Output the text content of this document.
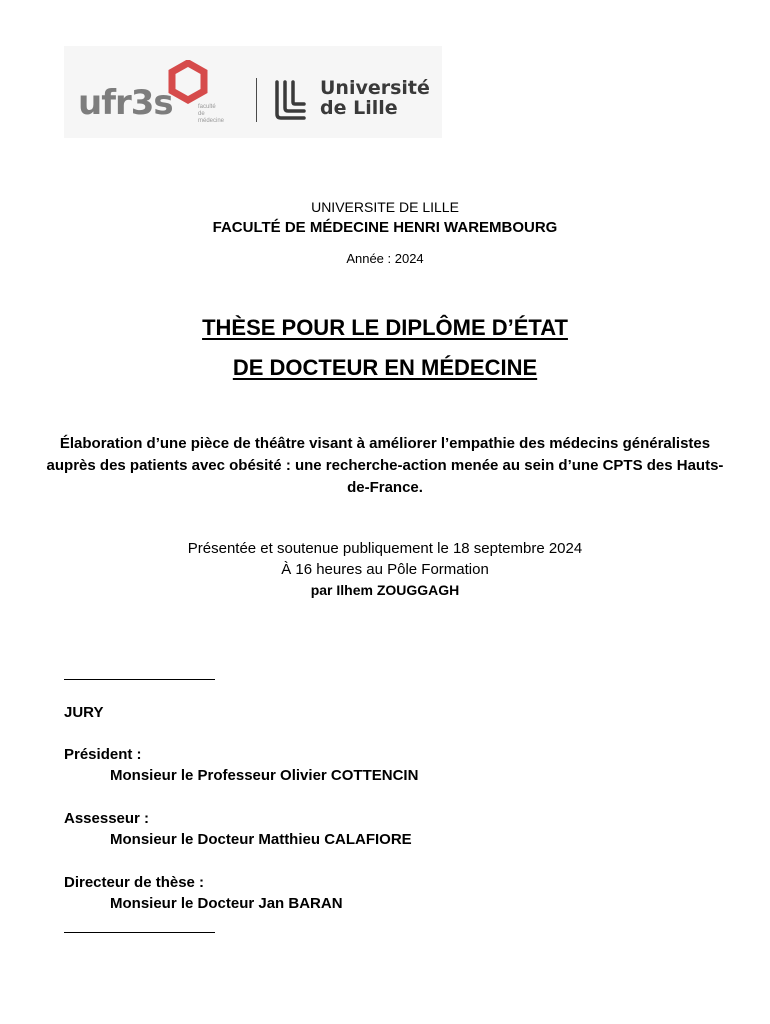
ufr3s	faculté
de médecine
Université
de Lille

UNIVERSITE DE LILLE

FACULTÉ DE MÉDECINE HENRI WAREMBOURG

Année : 2024

THÈSE POUR LE DIPLÔME D’ÉTAT

DE DOCTEUR EN MÉDECINE

Élaboration d’une pièce de théâtre visant à améliorer l’empathie des médecins généralistes auprès des patients avec obésité : une recherche-action menée au sein d’une CPTS des Hauts-de-France.

Présentée et soutenue publiquement le 18 septembre 2024

À 16 heures au Pôle Formation

par Ilhem ZOUGGAGH

JURY

Président :

Monsieur le Professeur Olivier COTTENCIN

Assesseur :

Monsieur le Docteur Matthieu CALAFIORE

Directeur de thèse :

Monsieur le Docteur Jan BARAN
